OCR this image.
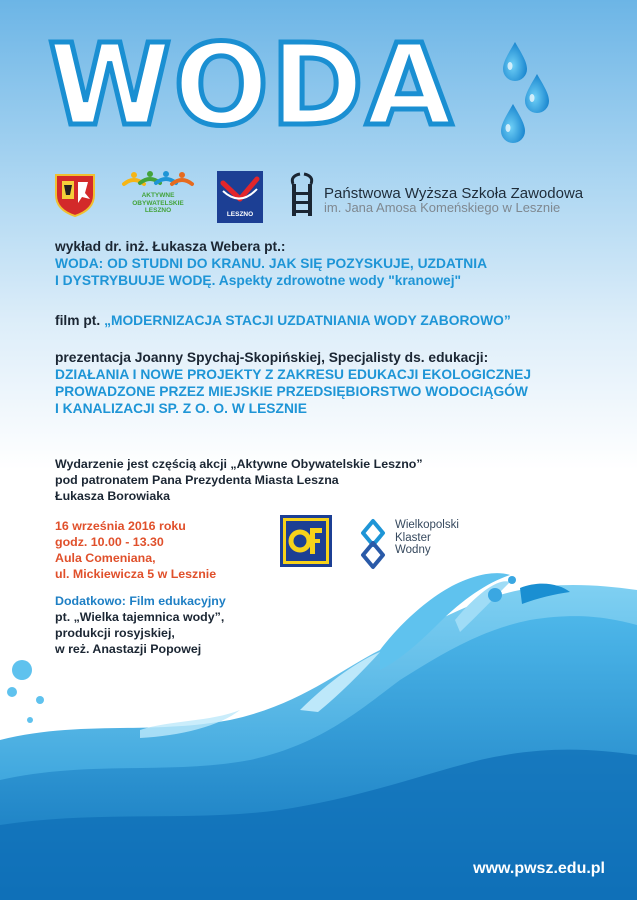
WODA
AKTYWNE OBYWATELSKIE LESZNO
LESZNO
Państwowa Wyższa Szkoła Zawodowa
im. Jana Amosa Komeńskiego w Lesznie

wykład dr. inż. Łukasza Webera pt.:

WODA: OD STUDNI DO KRANU. JAK SIĘ POZYSKUJE, UZDATNIA

I DYSTRYBUUJE WODĘ. Aspekty zdrowotne wody "kranowej"

film pt. „MODERNIZACJA STACJI UZDATNIANIA WODY ZABOROWO”

prezentacja Joanny Spychaj-Skopińskiej, Specjalisty ds. edukacji:

DZIAŁANIA I NOWE PROJEKTY Z ZAKRESU EDUKACJI EKOLOGICZNEJ

PROWADZONE PRZEZ MIEJSKIE PRZEDSIĘBIORSTWO WODOCIĄGÓW

I KANALIZACJI SP. Z O. O. W LESZNIE

Wydarzenie jest częścią akcji „Aktywne Obywatelskie Leszno”

pod patronatem Pana Prezydenta Miasta Leszna

Łukasza Borowiaka

16 września 2016 roku

godz. 10.00 - 13.30

Aula Comeniana,

ul. Mickiewicza 5 w Lesznie

Wielkopolski
Klaster
Wodny

Dodatkowo: Film edukacyjny

pt. „Wielka tajemnica wody”,

produkcji rosyjskiej,

w reż. Anastazji Popowej

www.pwsz.edu.pl
